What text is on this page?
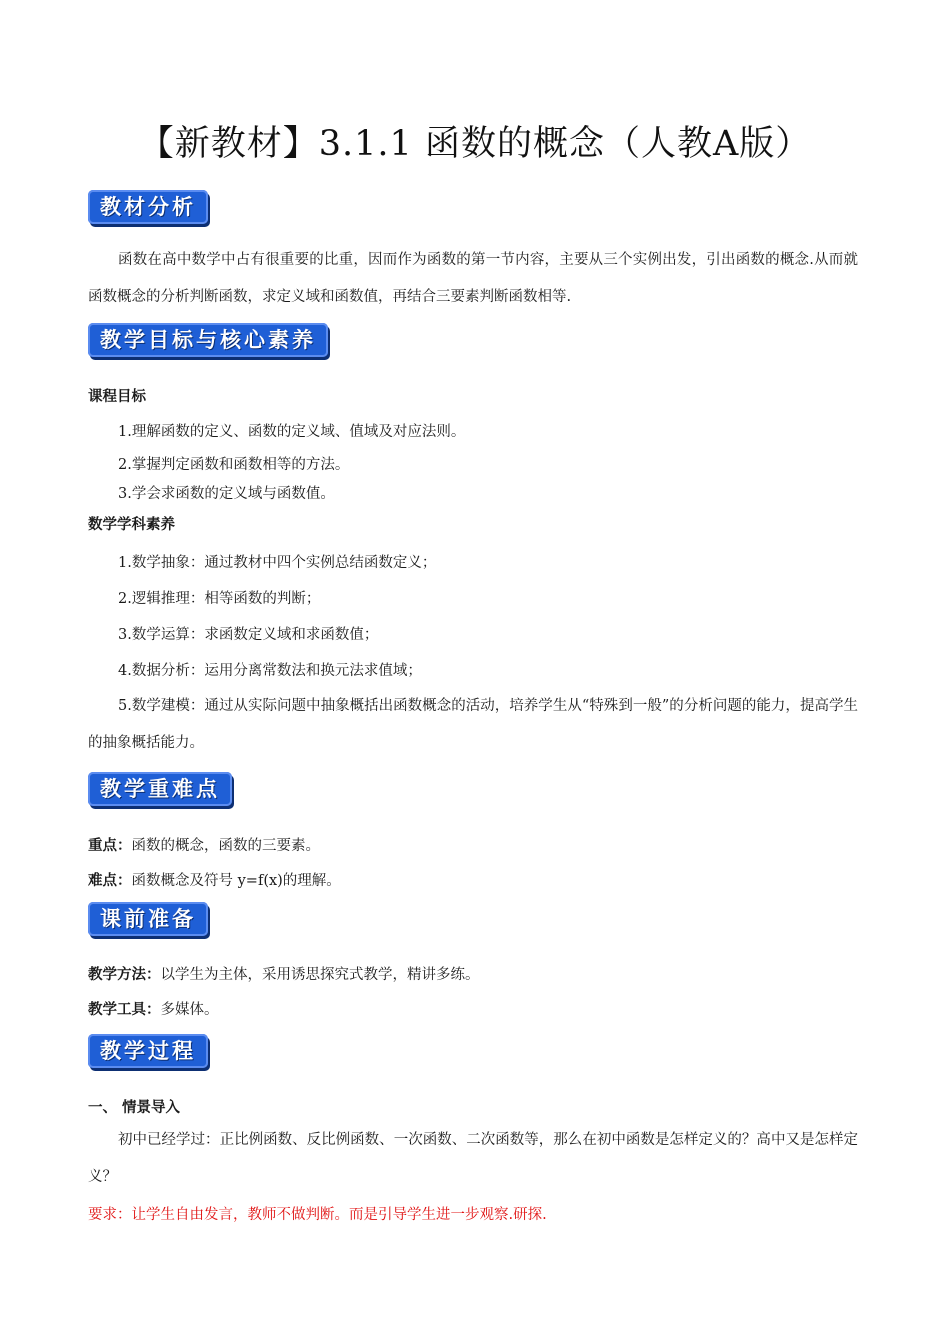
【新教材】3.1.1 函数的概念（人教A版）
教材分析
函数在高中数学中占有很重要的比重，因而作为函数的第一节内容，主要从三个实例出发，引出函数的概念.从而就函数概念的分析判断函数，求定义域和函数值，再结合三要素判断函数相等.
教学目标与核心素养
课程目标
1.理解函数的定义、函数的定义域、值域及对应法则。
2.掌握判定函数和函数相等的方法。
3.学会求函数的定义域与函数值。
数学学科素养
1.数学抽象：通过教材中四个实例总结函数定义；
2.逻辑推理：相等函数的判断；
3.数学运算：求函数定义域和求函数值；
4.数据分析：运用分离常数法和换元法求值域；
5.数学建模：通过从实际问题中抽象概括出函数概念的活动，培养学生从“特殊到一般”的分析问题的能力，提高学生的抽象概括能力。
教学重难点
重点：函数的概念，函数的三要素。
难点：函数概念及符号 y=f(x)的理解。
课前准备
教学方法：以学生为主体，采用诱思探究式教学，精讲多练。
教学工具：多媒体。
教学过程
一、 情景导入
初中已经学过：正比例函数、反比例函数、一次函数、二次函数等，那么在初中函数是怎样定义的？高中又是怎样定义？
要求：让学生自由发言，教师不做判断。而是引导学生进一步观察.研探.
